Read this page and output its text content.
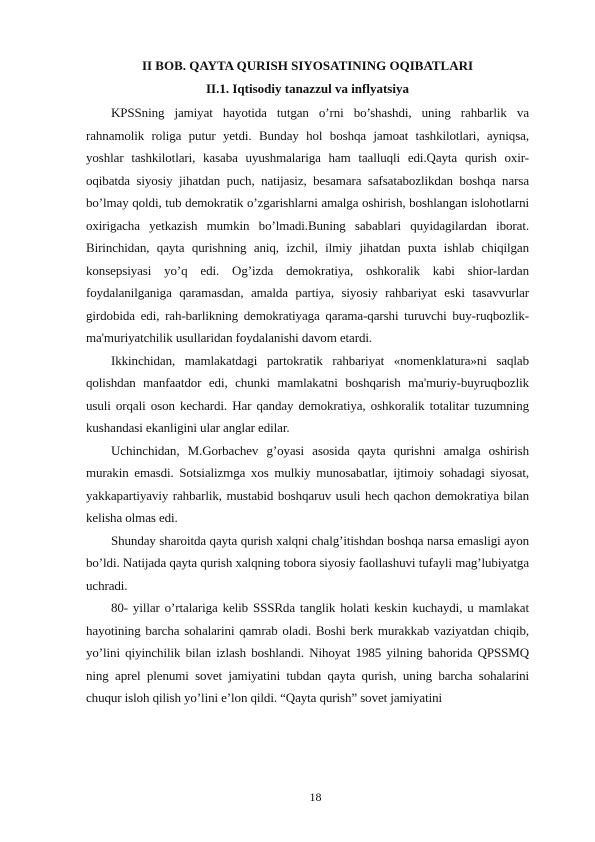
II BOB. QAYTA QURISH SIYOSATINING OQIBATLARI
II.1. Iqtisodiy tanazzul va inflyatsiya

KPSSning jamiyat hayotida tutgan o’rni bo’shashdi, uning rahbarlik va rahnamolik roliga putur yetdi. Bunday hol boshqa jamoat tashkilotlari, ayniqsa, yoshlar tashkilotlari, kasaba uyushmalariga ham taalluqli edi.Qayta qurish oxir-oqibatda siyosiy jihatdan puch, natijasiz, besamara safsatabozlikdan boshqa narsa bo’lmay qoldi, tub demokratik o’zgarishlarni amalga oshirish, boshlangan islohotlarni oxirigacha yetkazish mumkin bo’lmadi.Buning sabablari quyidagilardan iborat. Birinchidan, qayta qurishning aniq, izchil, ilmiy jihatdan puxta ishlab chiqilgan konsepsiyasi yo’q edi. Og’izda demokratiya, oshkoralik kabi shior-lardan foydalanilganiga qaramasdan, amalda partiya, siyosiy rahbariyat eski tasavvurlar girdobida edi, rah-barlikning demokratiyaga qarama-qarshi turuvchi buy-ruqbozlik-ma'muriyatchilik usullaridan foydalanishi davom etardi.

Ikkinchidan, mamlakatdagi partokratik rahbariyat «nomenklatura»ni saqlab qolishdan manfaatdor edi, chunki mamlakatni boshqarish ma'muriy-buyruqbozlik usuli orqali oson kechardi. Har qanday demokratiya, oshkoralik totalitar tuzumning kushandasi ekanligini ular anglar edilar.

Uchinchidan, M.Gorbachev g’oyasi asosida qayta qurishni amalga oshirish murakin emasdi. Sotsializmga xos mulkiy munosabatlar, ijtimoiy sohadagi siyosat, yakkapartiyaviy rahbarlik, mustabid boshqaruv usuli hech qachon demokratiya bilan kelisha olmas edi.

Shunday sharoitda qayta qurish xalqni chalg’itishdan boshqa narsa emasligi ayon bo’ldi. Natijada qayta qurish xalqning tobora siyosiy faollashuvi tufayli mag’lubiyatga uchradi.

80- yillar o’rtalariga kelib SSSRda tanglik holati keskin kuchaydi, u mamlakat hayotining barcha sohalarini qamrab oladi. Boshi berk murakkab vaziyatdan chiqib, yo’lini qiyinchilik bilan izlash boshlandi. Nihoyat 1985 yilning bahorida QPSSMQ ning aprel plenumi sovet jamiyatini tubdan qayta qurish, uning barcha sohalarini chuqur isloh qilish yo’lini e’lon qildi. “Qayta qurish” sovet jamiyatini

18
